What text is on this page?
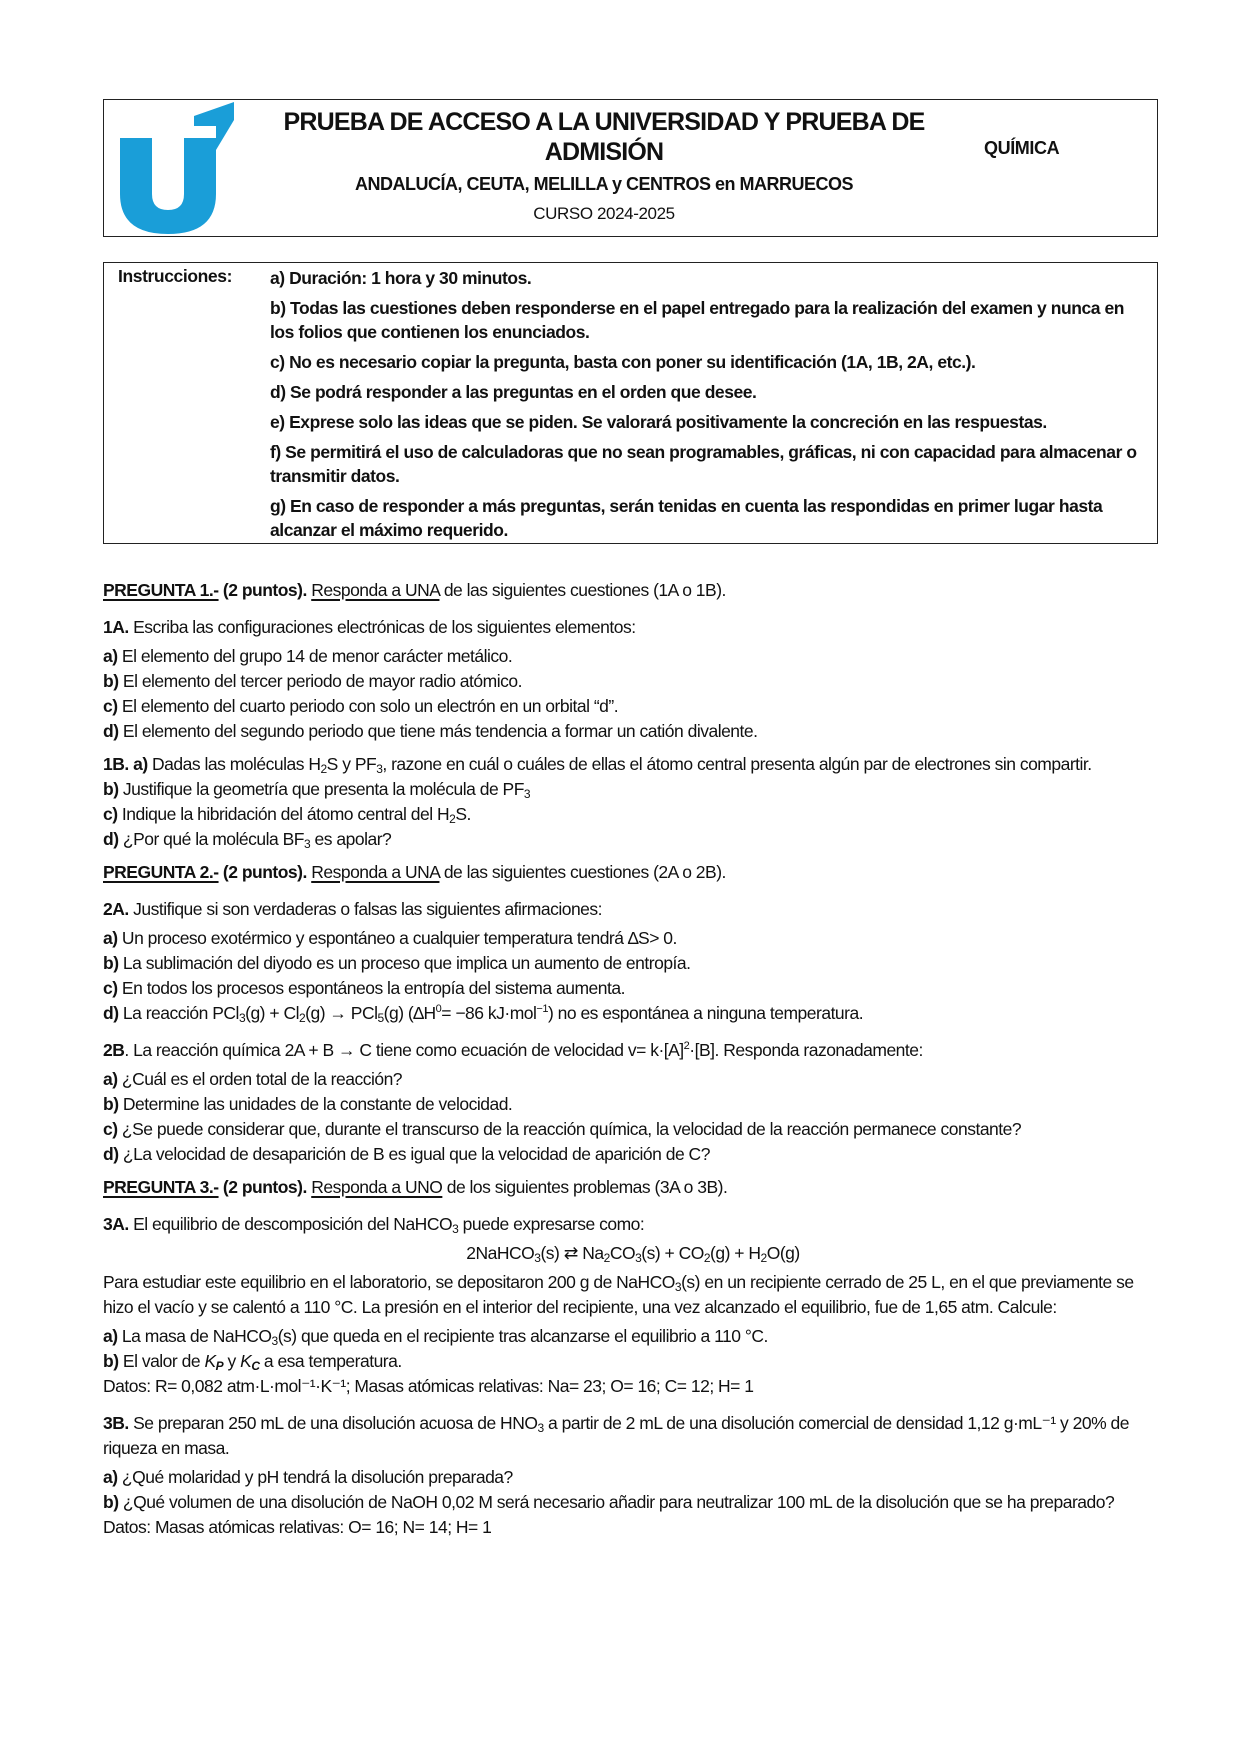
PRUEBA DE ACCESO A LA UNIVERSIDAD Y PRUEBA DE
ADMISIÓN
ANDALUCÍA, CEUTA, MELILLA y CENTROS en MARRUECOS
CURSO 2024-2025
QUÍMICA
Instrucciones: a) Duración: 1 hora y 30 minutos.
b) Todas las cuestiones deben responderse en el papel entregado para la realización del examen y nunca en los folios que contienen los enunciados.
c) No es necesario copiar la pregunta, basta con poner su identificación (1A, 1B, 2A, etc.).
d) Se podrá responder a las preguntas en el orden que desee.
e) Exprese solo las ideas que se piden. Se valorará positivamente la concreción en las respuestas.
f) Se permitirá el uso de calculadoras que no sean programables, gráficas, ni con capacidad para almacenar o transmitir datos.
g) En caso de responder a más preguntas, serán tenidas en cuenta las respondidas en primer lugar hasta alcanzar el máximo requerido.

PREGUNTA 1.- (2 puntos). Responda a UNA de las siguientes cuestiones (1A o 1B).

1A. Escriba las configuraciones electrónicas de los siguientes elementos:

a) El elemento del grupo 14 de menor carácter metálico.

b) El elemento del tercer periodo de mayor radio atómico.

c) El elemento del cuarto periodo con solo un electrón en un orbital “d”.

d) El elemento del segundo periodo que tiene más tendencia a formar un catión divalente.

1B. a) Dadas las moléculas $H_2S$ y $PF_3$, razone en cuál o cuáles de ellas el átomo central presenta algún par de electrones sin compartir.

b) Justifique la geometría que presenta la molécula de $PF_3$

c) Indique la hibridación del átomo central del $H_2S$.

d) ¿Por qué la molécula $BF_3$ es apolar?

PREGUNTA 2.- (2 puntos). Responda a UNA de las siguientes cuestiones (2A o 2B).

2A. Justifique si son verdaderas o falsas las siguientes afirmaciones:

a) Un proceso exotérmico y espontáneo a cualquier temperatura tendrá ∆S> 0.

b) La sublimación del diyodo es un proceso que implica un aumento de entropía.

c) En todos los procesos espontáneos la entropía del sistema aumenta.

d) La reacción $PCl_3(g) + Cl_2(g) \to PCl_5(g)$ ($\Delta H^0= -86$ kJ·mol$^{-1}$) no es espontánea a ninguna temperatura.

2B. La reacción química 2A + B → C tiene como ecuación de velocidad $v= k\cdot[A]^2\cdot[B]$. Responda razonadamente:

a) ¿Cuál es el orden total de la reacción?

b) Determine las unidades de la constante de velocidad.

c) ¿Se puede considerar que, durante el transcurso de la reacción química, la velocidad de la reacción permanece constante?

d) ¿La velocidad de desaparición de B es igual que la velocidad de aparición de C?

PREGUNTA 3.- (2 puntos). Responda a UNO de los siguientes problemas (3A o 3B).

3A. El equilibrio de descomposición del NaHCO$_3$ puede expresarse como:

2NaHCO$_3$(s) ⇄ $Na_2CO_3(s) + CO_2(g) + H_2O(g)$

Para estudiar este equilibrio en el laboratorio, se depositaron 200 g de NaHCO$_3$(s) en un recipiente cerrado de 25 L, en el que previamente se hizo el vacío y se calentó a 110 °C. La presión en el interior del recipiente, una vez alcanzado el equilibrio, fue de 1,65 atm. Calcule:

a) La masa de NaHCO$_3$(s) que queda en el recipiente tras alcanzarse el equilibrio a 110 °C.

b) El valor de $K_P$ y $K_C$ a esa temperatura.

Datos: R= 0,082 atm·L·mol⁻¹·K⁻¹; Masas atómicas relativas: Na= 23; O= 16; C= 12; H= 1

3B. Se preparan 250 mL de una disolución acuosa de $HNO_3$ a partir de 2 mL de una disolución comercial de densidad 1,12 g·mL⁻¹ y 20% de riqueza en masa.

a) ¿Qué molaridad y pH tendrá la disolución preparada?

b) ¿Qué volumen de una disolución de NaOH 0,02 M será necesario añadir para neutralizar 100 mL de la disolución que se ha preparado?

Datos: Masas atómicas relativas: O= 16; N= 14; H= 1
